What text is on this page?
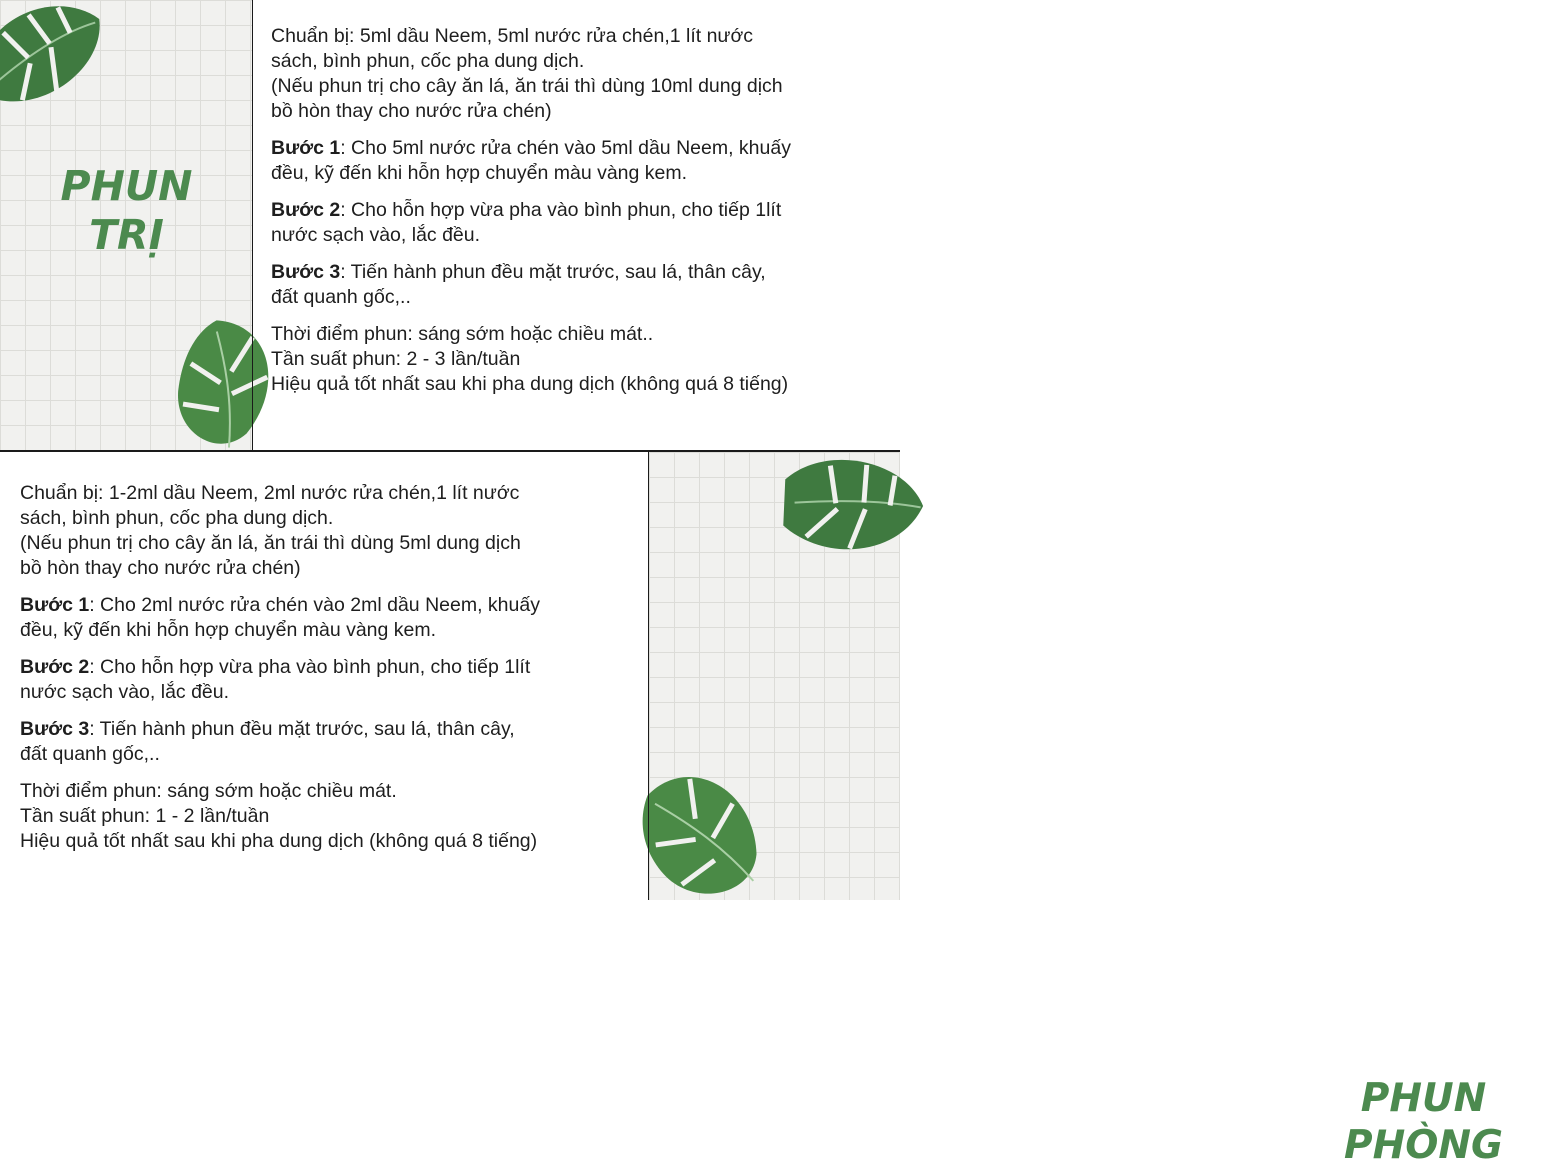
PHUN
TRỊ
PHUN
PHÒNG

Chuẩn bị: 5ml dầu Neem, 5ml nước rửa chén,1 lít nước

sách, bình phun, cốc pha dung dịch.

(Nếu phun trị cho cây ăn lá, ăn trái thì dùng 10ml dung dịch

bồ hòn thay cho nước rửa chén)

Bước 1: Cho 5ml nước rửa chén vào 5ml dầu Neem, khuấy

đều, kỹ đến khi hỗn hợp chuyển màu vàng kem.

Bước 2: Cho hỗn hợp vừa pha vào bình phun, cho tiếp 1lít

nước sạch vào, lắc đều.

Bước 3: Tiến hành phun đều mặt trước, sau lá, thân cây,

đất quanh gốc,..

Thời điểm phun: sáng sớm hoặc chiều mát..

Tần suất phun: 2 - 3 lần/tuần

Hiệu quả tốt nhất sau khi pha dung dịch (không quá 8 tiếng)

Chuẩn bị: 1-2ml dầu Neem, 2ml nước rửa chén,1 lít nước

sách, bình phun, cốc pha dung dịch.

(Nếu phun trị cho cây ăn lá, ăn trái thì dùng 5ml dung dịch

bồ hòn thay cho nước rửa chén)

Bước 1: Cho 2ml nước rửa chén vào 2ml dầu Neem, khuấy

đều, kỹ đến khi hỗn hợp chuyển màu vàng kem.

Bước 2: Cho hỗn hợp vừa pha vào bình phun, cho tiếp 1lít

nước sạch vào, lắc đều.

Bước 3: Tiến hành phun đều mặt trước, sau lá, thân cây,

đất quanh gốc,..

Thời điểm phun: sáng sớm hoặc chiều mát.

Tần suất phun: 1 - 2 lần/tuần

Hiệu quả tốt nhất sau khi pha dung dịch (không quá 8 tiếng)
